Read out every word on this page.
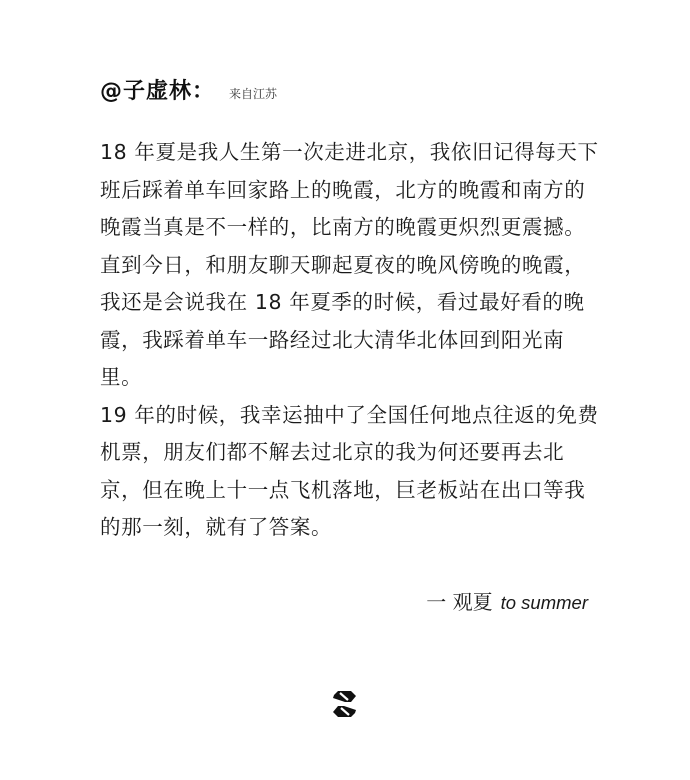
@子虚林： 来自江苏

18 年夏是我人生第一次走进北京，我依旧记得每天下班后踩着单车回家路上的晚霞，北方的晚霞和南方的晚霞当真是不一样的，比南方的晚霞更炽烈更震撼。

直到今日，和朋友聊天聊起夏夜的晚风傍晚的晚霞，我还是会说我在 18 年夏季的时候，看过最好看的晚霞，我踩着单车一路经过北大清华北体回到阳光南里。

19 年的时候，我幸运抽中了全国任何地点往返的免费机票，朋友们都不解去过北京的我为何还要再去北京，但在晚上十一点飞机落地，巨老板站在出口等我的那一刻，就有了答案。

一 观夏 to summer
